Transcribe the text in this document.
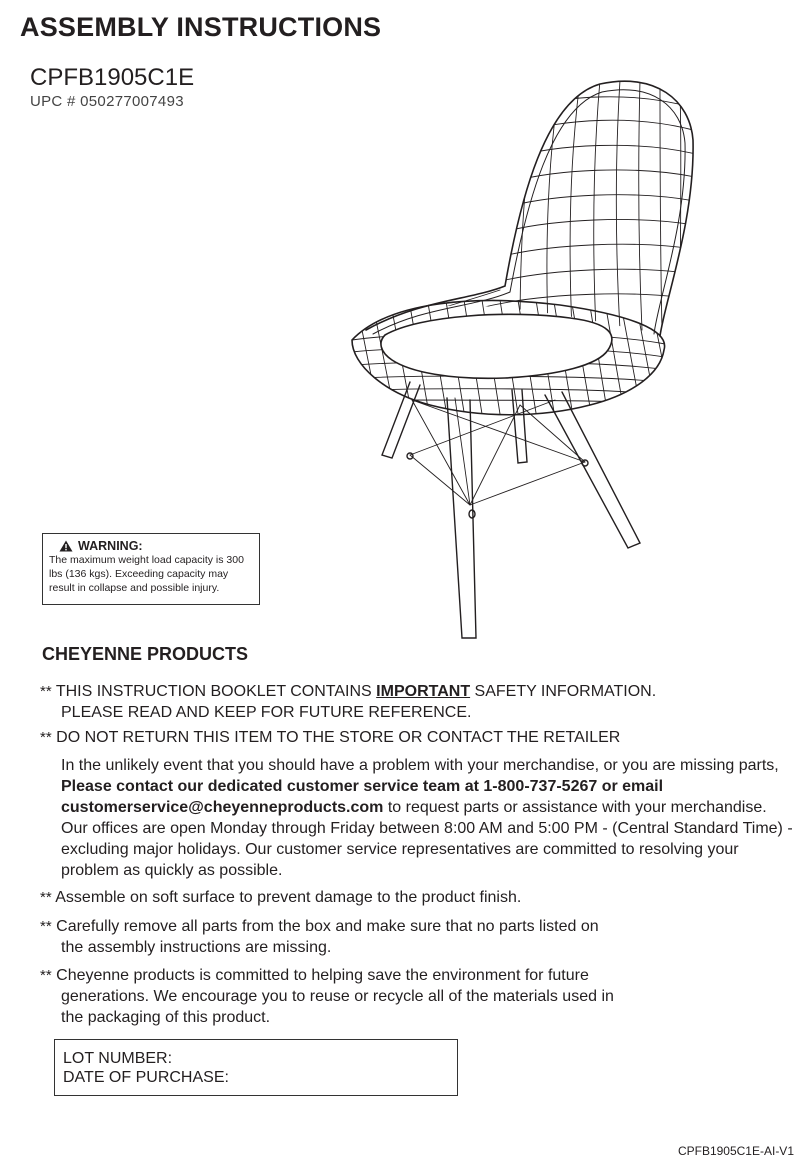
ASSEMBLY INSTRUCTIONS
CPFB1905C1E
UPC # 050277007493
WARNING:
The maximum weight load capacity is 300 lbs (136 kgs). Exceeding capacity may result in collapse and possible injury.
CHEYENNE PRODUCTS
** THIS INSTRUCTION BOOKLET CONTAINS IMPORTANT SAFETY INFORMATION.
PLEASE READ AND KEEP FOR FUTURE REFERENCE.
** DO NOT RETURN THIS ITEM TO THE STORE OR CONTACT THE RETAILER
In the unlikely event that you should have a problem with your merchandise, or you are missing parts, Please contact our dedicated customer service team at 1-800-737-5267 or email customerservice@cheyenneproducts.com to request parts or assistance with your merchandise. Our offices are open Monday through Friday between 8:00 AM and 5:00 PM - (Central Standard Time) - excluding major holidays. Our customer service representatives are committed to resolving your problem as quickly as possible.
** Assemble on soft surface to prevent damage to the product finish.
** Carefully remove all parts from the box and make sure that no parts listed on
the assembly instructions are missing.
** Cheyenne products is committed to helping save the environment for future
generations. We encourage you to reuse or recycle all of the materials used in
the packaging of this product.
LOT NUMBER:
DATE OF PURCHASE:
CPFB1905C1E-AI-V1
